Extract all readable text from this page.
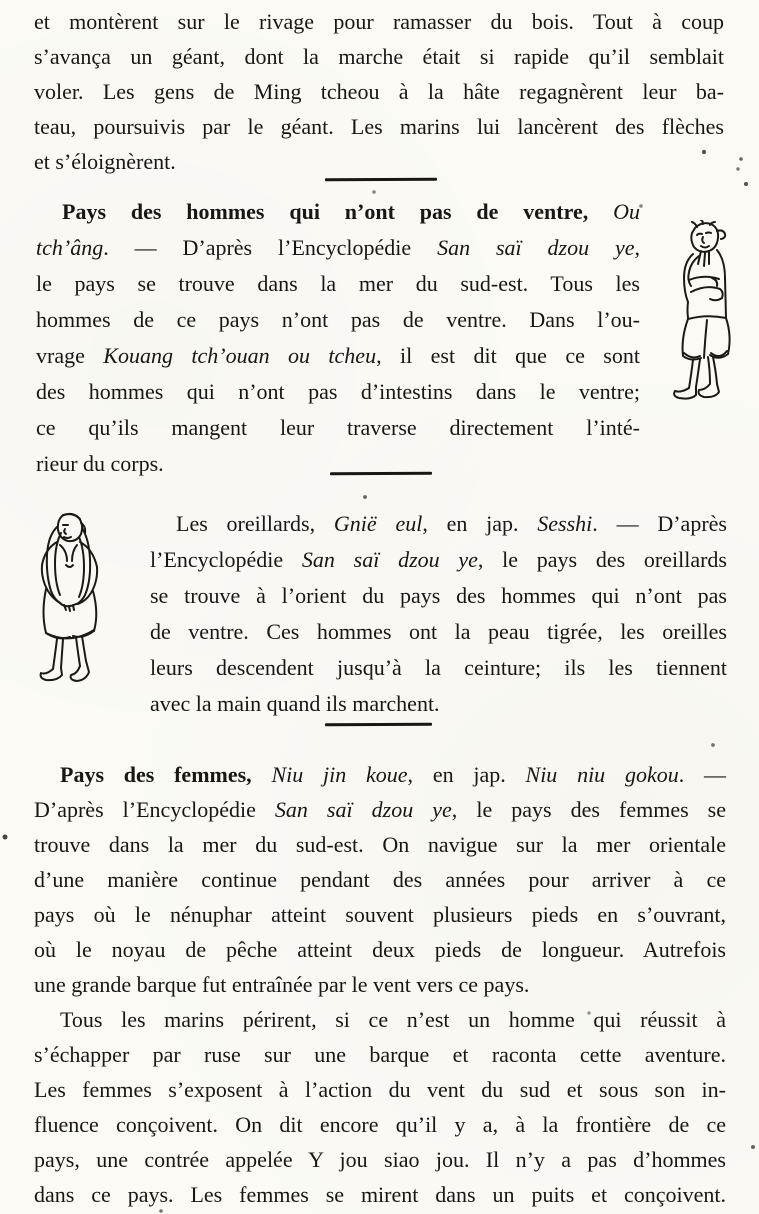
et montèrent sur le rivage pour ramasser du bois. Tout à coup
s’avança un géant, dont la marche était si rapide qu’il semblait
voler. Les gens de Ming tcheou à la hâte regagnèrent leur ba-
teau, poursuivis par le géant. Les marins lui lancèrent des flèches
et s’éloignèrent.
Pays des hommes qui n’ont pas de ventre, Ou
tch’âng. — D’après l’Encyclopédie San saï dzou ye,
le pays se trouve dans la mer du sud-est. Tous les
hommes de ce pays n’ont pas de ventre. Dans l’ou-
vrage Kouang tch’ouan ou tcheu, il est dit que ce sont
des hommes qui n’ont pas d’intestins dans le ventre;
ce qu’ils mangent leur traverse directement l’inté-
rieur du corps.
Les oreillards, Gnië eul, en jap. Sesshi. — D’après
l’Encyclopédie San saï dzou ye, le pays des oreillards
se trouve à l’orient du pays des hommes qui n’ont pas
de ventre. Ces hommes ont la peau tigrée, les oreilles
leurs descendent jusqu’à la ceinture; ils les tiennent
avec la main quand ils marchent.
Pays des femmes, Niu jin koue, en jap. Niu niu gokou. —
D’après l’Encyclopédie San saï dzou ye, le pays des femmes se
trouve dans la mer du sud-est. On navigue sur la mer orientale
d’une manière continue pendant des années pour arriver à ce
pays où le nénuphar atteint souvent plusieurs pieds en s’ouvrant,
où le noyau de pêche atteint deux pieds de longueur. Autrefois
une grande barque fut entraînée par le vent vers ce pays.
Tous les marins périrent, si ce n’est un homme qui réussit à
s’échapper par ruse sur une barque et raconta cette aventure.
Les femmes s’exposent à l’action du vent du sud et sous son in-
fluence conçoivent. On dit encore qu’il y a, à la frontière de ce
pays, une contrée appelée Y jou siao jou. Il n’y a pas d’hommes
dans ce pays. Les femmes se mirent dans un puits et conçoivent.
